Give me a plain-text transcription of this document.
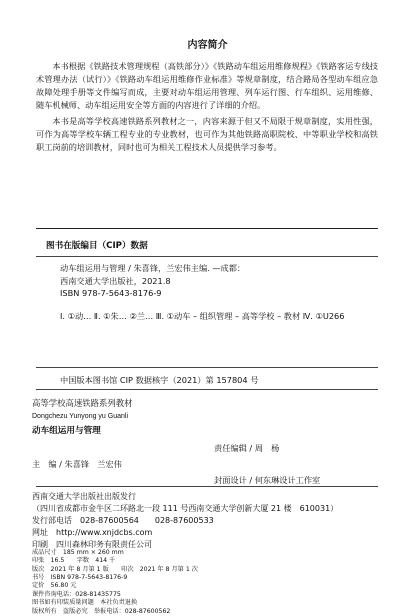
内容简介

本书根据《铁路技术管理规程（高铁部分）》《铁路动车组运用维修规程》《铁路客运专线技术管理办法（试行）》《铁路动车组运用维修作业标准》等规章制度，结合路局各型动车组应急故障处理手册等文件编写而成，主要对动车组运用管理、列车运行图、行车组织、运用维修、随车机械师、动车组运用安全等方面的内容进行了详细的介绍。

本书是高等学校高速铁路系列教材之一，内容来源于但又不局限于规章制度，实用性强，可作为高等学校车辆工程专业的专业教材，也可作为其他铁路高职院校、中等职业学校和高铁职工岗前的培训教材，同时也可为相关工程技术人员提供学习参考。

图书在版编目（CIP）数据
动车组运用与管理 / 朱喜锋，兰宏伟主编. —成都：
西南交通大学出版社，2021.8
ISBN 978-7-5643-8176-9
Ⅰ. ①动… Ⅱ. ①朱… ②兰… Ⅲ. ①动车 – 组织管理 – 高等学校 – 教材 Ⅳ. ①U266
中国版本图书馆 CIP 数据核字（2021）第 157804 号
高等学校高速铁路系列教材
Dongchezu Yunyong yu Guanli
动车组运用与管理
责任编辑 / 周　杨
主　编 / 朱喜锋　兰宏伟
封面设计 / 何东琳设计工作室
西南交通大学出版社出版发行
（四川省成都市金牛区二环路北一段 111 号西南交通大学创新大厦 21 楼　610031）
发行部电话　028-87600564　　028-87600533
网址　http://www.xnjdcbs.com
印刷　四川森林印务有限责任公司
成品尺寸　185 mm × 260 mm
印张　16.5　　字数　414 千
版次　2021 年 8 月第 1 版　　印次　2021 年 8 月第 1 次
书号　ISBN 978-7-5643-8176-9
定价　56.80 元
课件咨询电话：028-81435775
图书如有印装质量问题　本社负责退换
版权所有　盗版必究　举报电话：028-87600562
